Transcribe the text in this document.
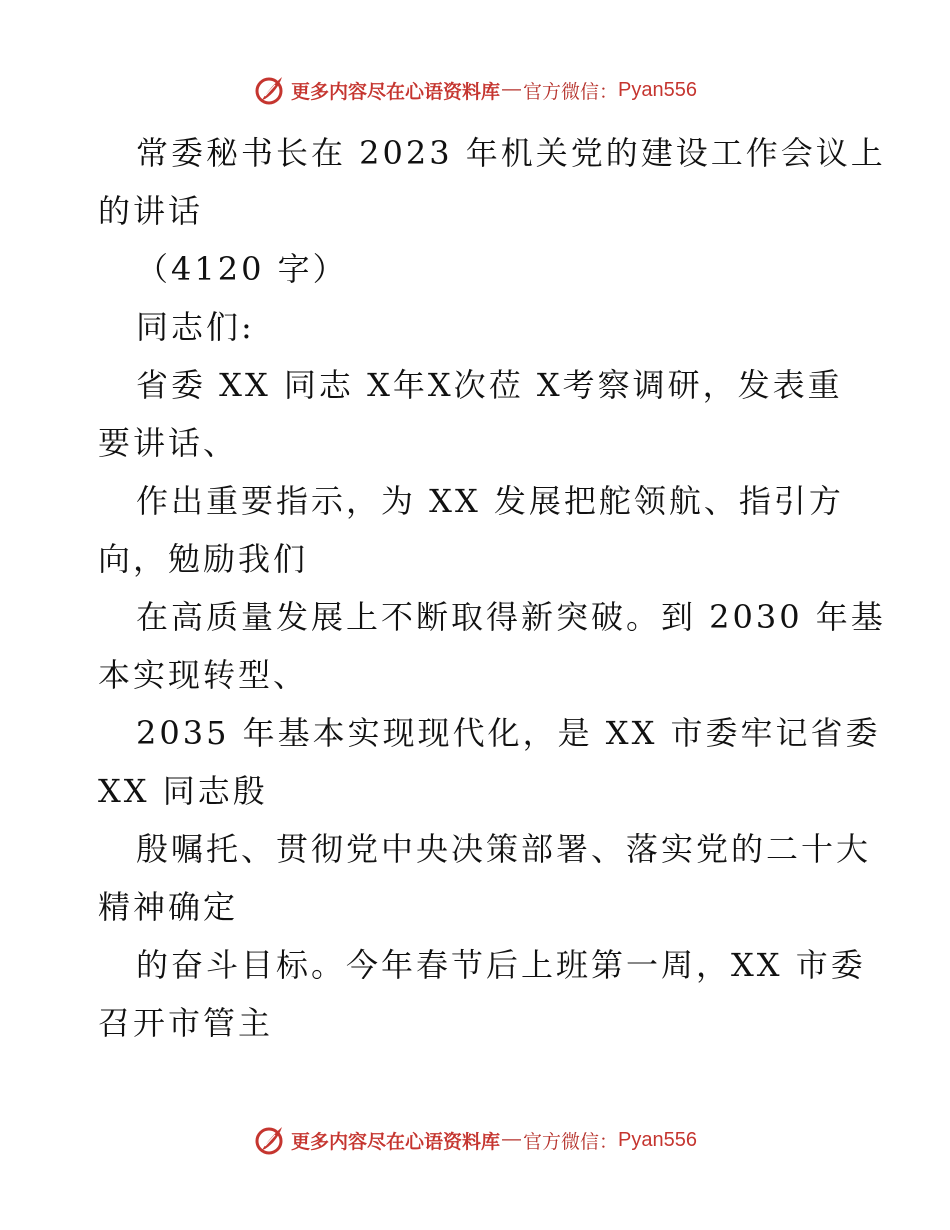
更多内容尽在心语资料库 — 官方微信： Pyan556

常委秘书长在 2023 年机关党的建设工作会议上
的讲话

（4120 字）

同志们:

省委 XX 同志 X年X次莅 X考察调研，发表重
要讲话、

作出重要指示，为 XX 发展把舵领航、指引方
向，勉励我们

在高质量发展上不断取得新突破。到 2030 年基
本实现转型、

2035 年基本实现现代化，是 XX 市委牢记省委
XX 同志殷

殷嘱托、贯彻党中央决策部署、落实党的二十大
精神确定

的奋斗目标。今年春节后上班第一周，XX 市委
召开市管主

更多内容尽在心语资料库 — 官方微信： Pyan556
